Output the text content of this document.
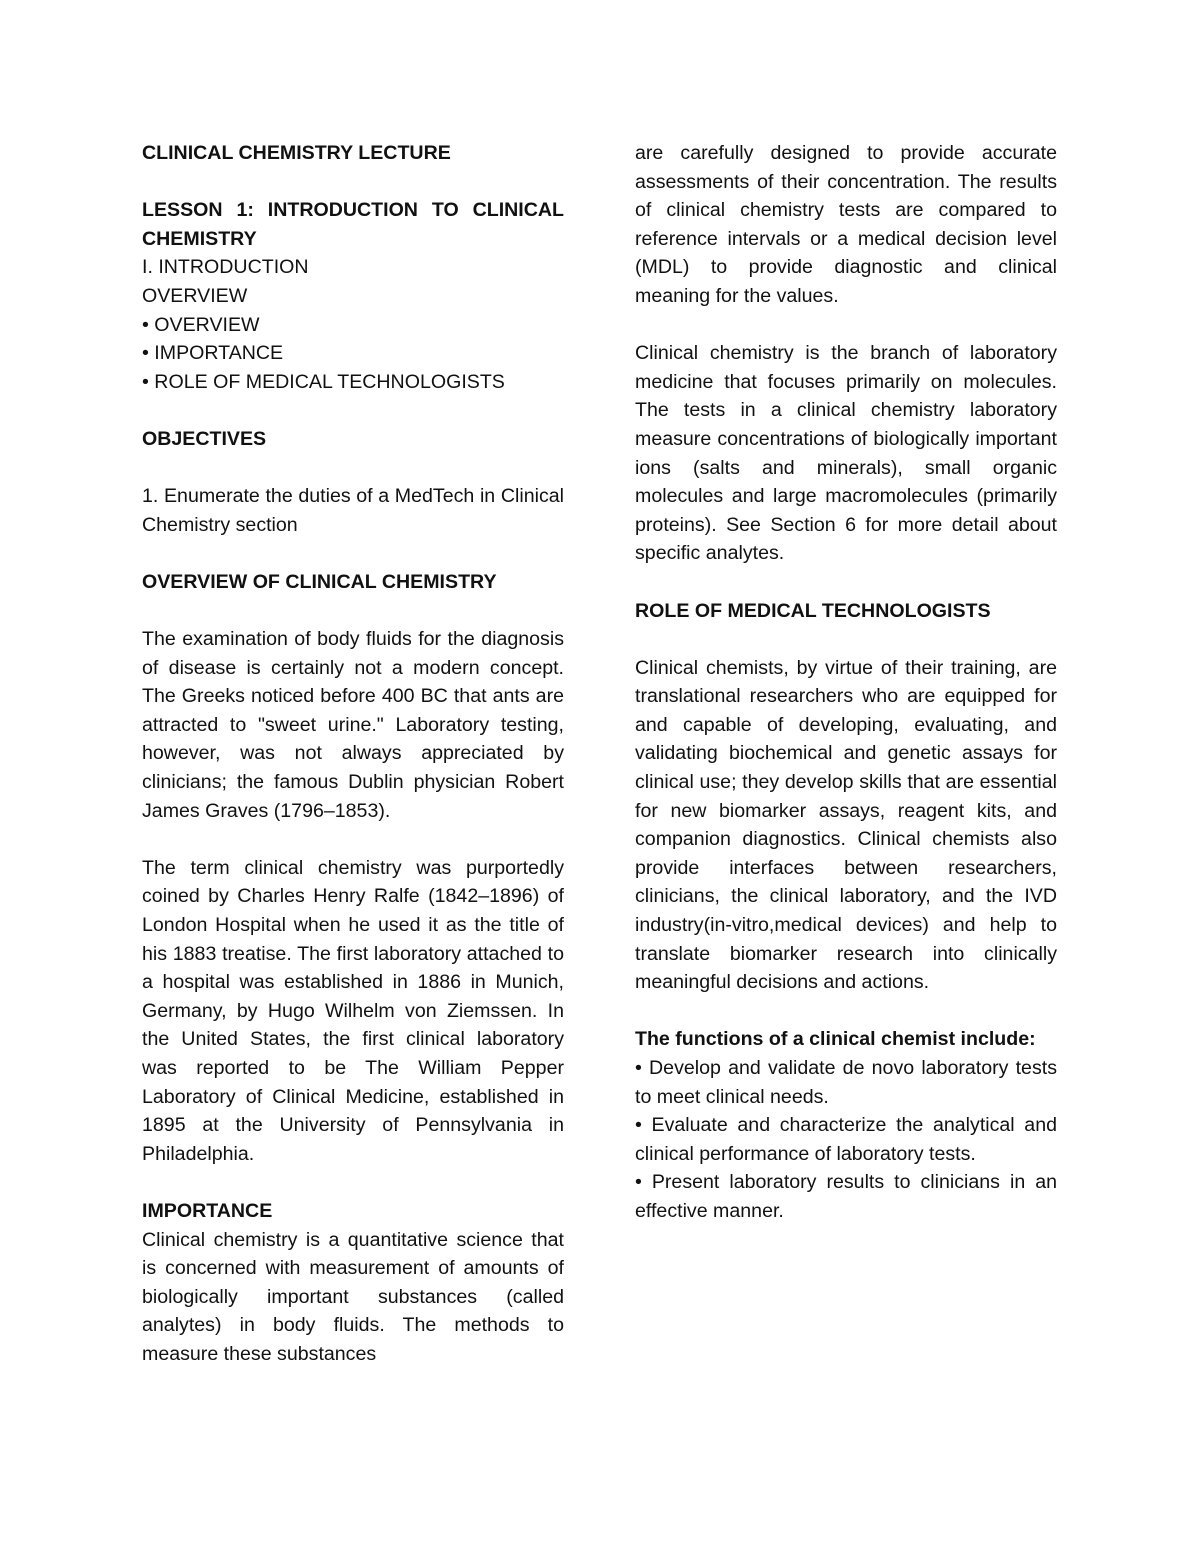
CLINICAL CHEMISTRY LECTURE

LESSON 1: INTRODUCTION TO CLINICAL CHEMISTRY

I. INTRODUCTION

OVERVIEW

• OVERVIEW

• IMPORTANCE

• ROLE OF MEDICAL TECHNOLOGISTS

OBJECTIVES

1. Enumerate the duties of a MedTech in Clinical Chemistry section

OVERVIEW OF CLINICAL CHEMISTRY

The examination of body fluids for the diagnosis of disease is certainly not a modern concept. The Greeks noticed before 400 BC that ants are attracted to "sweet urine." Laboratory testing, however, was not always appreciated by clinicians; the famous Dublin physician Robert James Graves (1796–1853).

The term clinical chemistry was purportedly coined by Charles Henry Ralfe (1842–1896) of London Hospital when he used it as the title of his 1883 treatise. The first laboratory attached to a hospital was established in 1886 in Munich, Germany, by Hugo Wilhelm von Ziemssen. In the United States, the first clinical laboratory was reported to be The William Pepper Laboratory of Clinical Medicine, established in 1895 at the University of Pennsylvania in Philadelphia.

IMPORTANCE

Clinical chemistry is a quantitative science that is concerned with measurement of amounts of biologically important substances (called analytes) in body fluids. The methods to measure these substances

are carefully designed to provide accurate assessments of their concentration. The results of clinical chemistry tests are compared to reference intervals or a medical decision level (MDL) to provide diagnostic and clinical meaning for the values.

Clinical chemistry is the branch of laboratory medicine that focuses primarily on molecules. The tests in a clinical chemistry laboratory measure concentrations of biologically important ions (salts and minerals), small organic molecules and large macromolecules (primarily proteins). See Section 6 for more detail about specific analytes.

ROLE OF MEDICAL TECHNOLOGISTS

Clinical chemists, by virtue of their training, are translational researchers who are equipped for and capable of developing, evaluating, and validating biochemical and genetic assays for clinical use; they develop skills that are essential for new biomarker assays, reagent kits, and companion diagnostics. Clinical chemists also provide interfaces between researchers, clinicians, the clinical laboratory, and the IVD industry(in-vitro,medical devices) and help to translate biomarker research into clinically meaningful decisions and actions.

The functions of a clinical chemist include:

• Develop and validate de novo laboratory tests to meet clinical needs.

• Evaluate and characterize the analytical and clinical performance of laboratory tests.

• Present laboratory results to clinicians in an effective manner.
